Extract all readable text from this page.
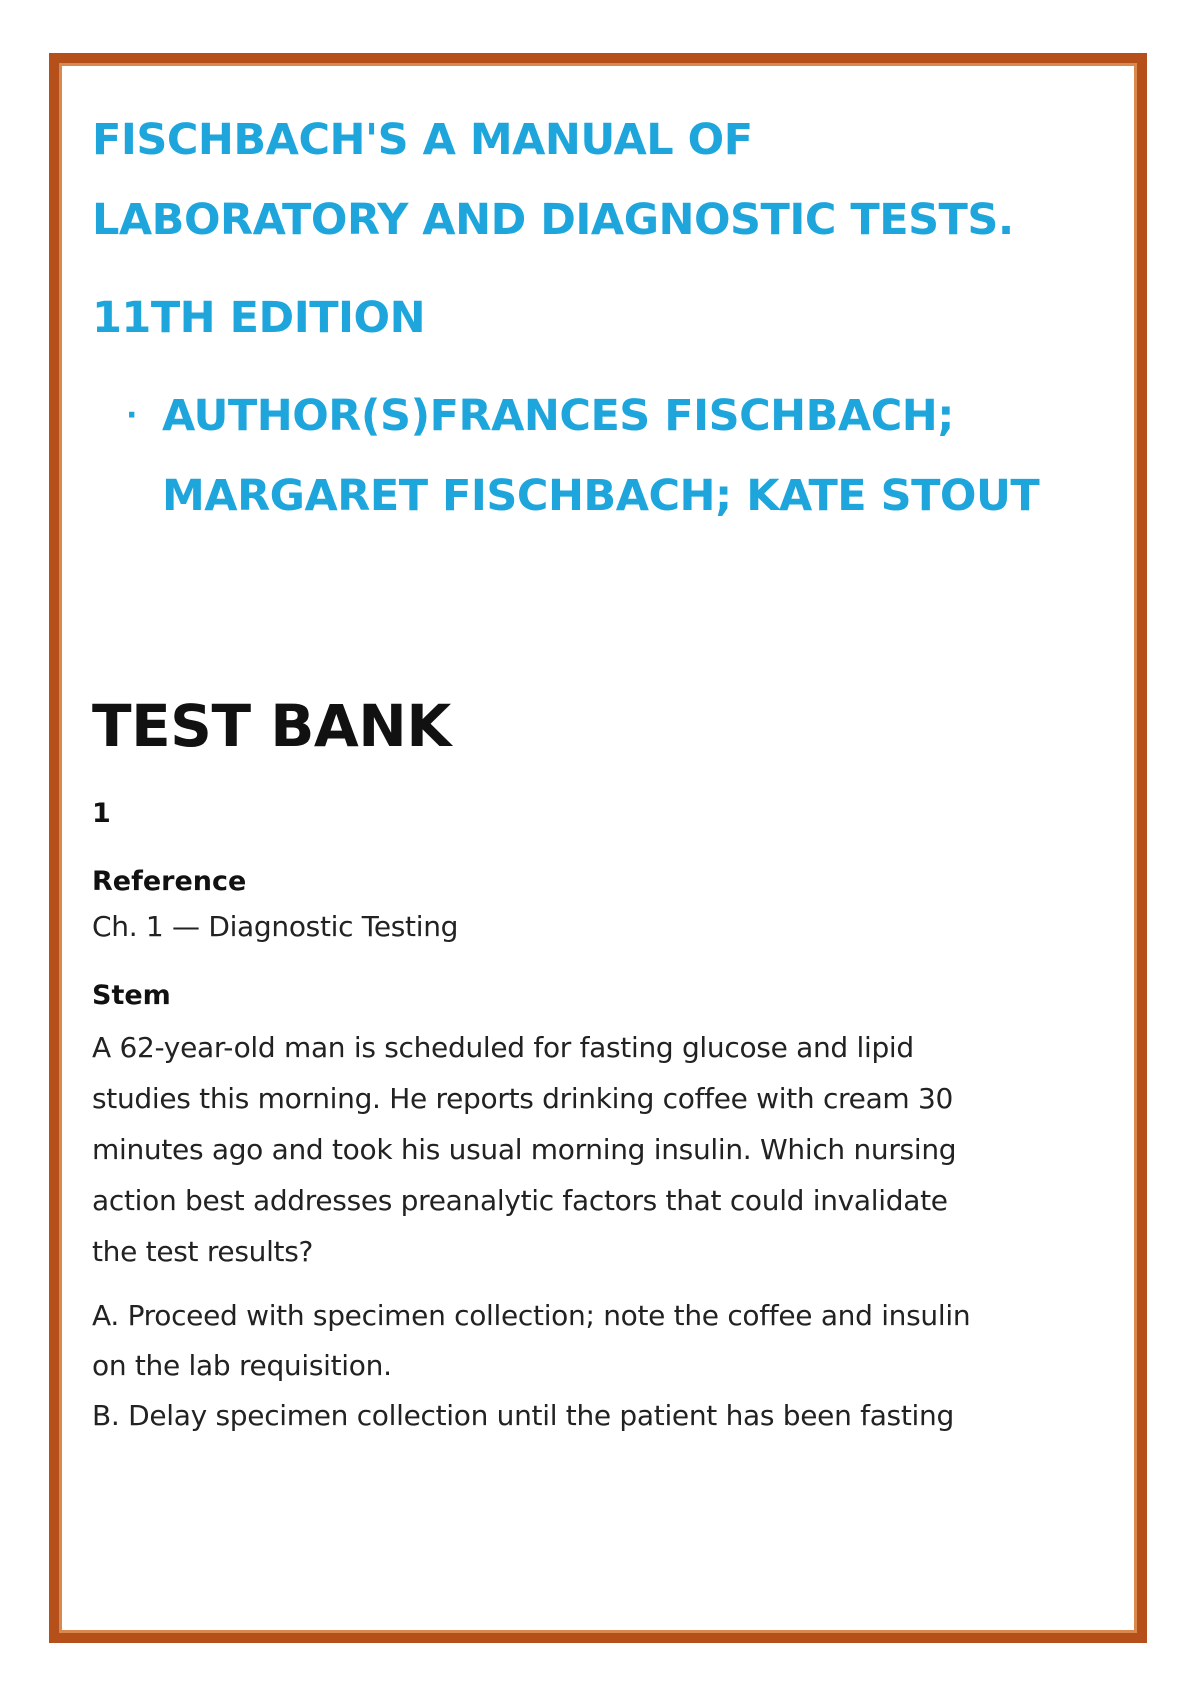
FISCHBACH'S A MANUAL OF
LABORATORY AND DIAGNOSTIC TESTS.
11TH EDITION
· AUTHOR(S)FRANCES FISCHBACH;
MARGARET FISCHBACH; KATE STOUT
TEST BANK
1
Reference
Ch. 1 — Diagnostic Testing
Stem
A 62-year-old man is scheduled for fasting glucose and lipid
studies this morning. He reports drinking coffee with cream 30
minutes ago and took his usual morning insulin. Which nursing
action best addresses preanalytic factors that could invalidate
the test results?
A. Proceed with specimen collection; note the coffee and insulin
on the lab requisition.
B. Delay specimen collection until the patient has been fasting
